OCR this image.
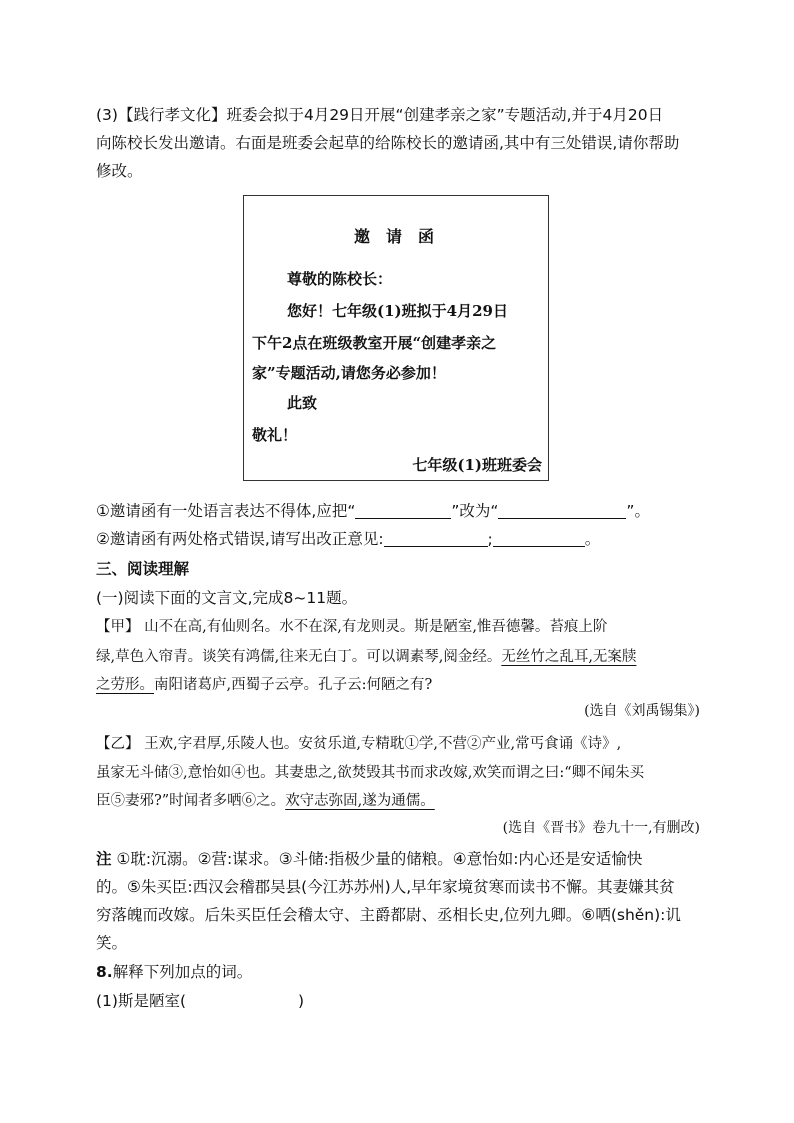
(3)【践行孝文化】班委会拟于4月29日开展“创建孝亲之家”专题活动,并于4月20日

向陈校长发出邀请。右面是班委会起草的给陈校长的邀请函,其中有三处错误,请你帮助

修改。

邀　请　函
尊敬的陈校长：
您好！七年级(1)班拟于4月29日
下午2点在班级教室开展“创建孝亲之
家”专题活动,请您务必参加！
此致
敬礼！
七年级(1)班班委会

①邀请函有一处语言表达不得体,应把“	”改为“	”。

②邀请函有两处格式错误,请写出改正意见:	;	。

三、阅读理解

(一)阅读下面的文言文,完成8~11题。

【甲】 山不在高,有仙则名。水不在深,有龙则灵。斯是陋室,惟吾德馨。苔痕上阶

绿,草色入帘青。谈笑有鸿儒,往来无白丁。可以调素琴,阅金经。无丝竹之乱耳,无案牍

之劳形。南阳诸葛庐,西蜀子云亭。孔子云:何陋之有?

(选自《刘禹锡集》)

【乙】 王欢,字君厚,乐陵人也。安贫乐道,专精耽①学,不营②产业,常丐食诵《诗》,

虽家无斗储③,意怡如④也。其妻患之,欲焚毁其书而求改嫁,欢笑而谓之曰:“卿不闻朱买

臣⑤妻邪?”时闻者多哂⑥之。欢守志弥固,遂为通儒。

(选自《晋书》卷九十一,有删改)

注 ①耽:沉溺。②营:谋求。③斗储:指极少量的储粮。④意怡如:内心还是安适愉快

的。⑤朱买臣:西汉会稽郡吴县(今江苏苏州)人,早年家境贫寒而读书不懈。其妻嫌其贫

穷落魄而改嫁。后朱买臣任会稽太守、主爵都尉、丞相长史,位列九卿。⑥哂(shěn):讥

笑。

8.解释下列加点的词。

(1)斯是陋室(	)
